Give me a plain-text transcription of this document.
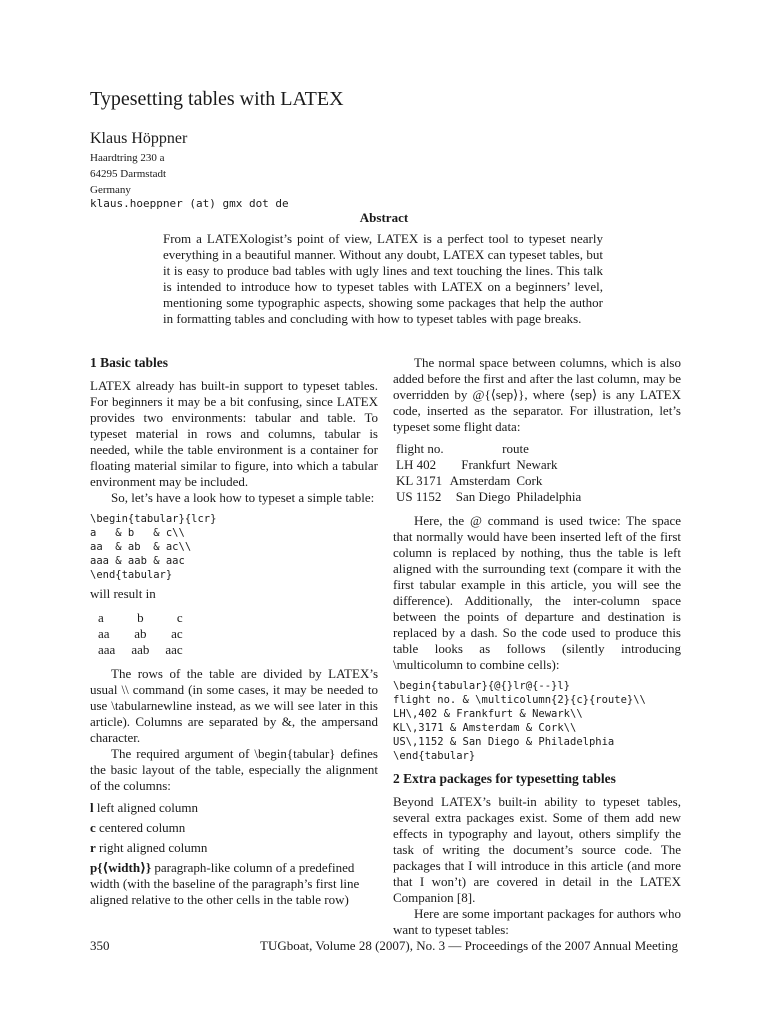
Typesetting tables with LATEX
Klaus Höppner
Haardtring 230 a
64295 Darmstadt
Germany
klaus.hoeppner (at) gmx dot de
Abstract
From a LATEXologist’s point of view, LATEX is a perfect tool to typeset nearly everything in a beautiful manner. Without any doubt, LATEX can typeset tables, but it is easy to produce bad tables with ugly lines and text touching the lines. This talk is intended to introduce how to typeset tables with LATEX on a beginners’ level, mentioning some typographic aspects, showing some packages that help the author in formatting tables and concluding with how to typeset tables with page breaks.
1 Basic tables

LATEX already has built-in support to typeset tables. For beginners it may be a bit confusing, since LATEX provides two environments: tabular and table. To typeset material in rows and columns, tabular is needed, while the table environment is a container for floating material similar to figure, into which a tabular environment may be included.

So, let’s have a look how to typeset a simple table:

\begin{tabular}{lcr}
a   & b   & c\\
aa  & ab  & ac\\
aaa & aab & aac
\end{tabular}

will result in

a	b	c
aa	ab	ac
aaa	aab	aac

The rows of the table are divided by LATEX’s usual \\ command (in some cases, it may be needed to use \tabularnewline instead, as we will see later in this article). Columns are separated by &, the ampersand character.

The required argument of \begin{tabular} defines the basic layout of the table, especially the alignment of the columns:

l left aligned column
c centered column
r right aligned column
p{⟨width⟩} paragraph-like column of a predefined width (with the baseline of the paragraph’s first line aligned relative to the other cells in the table row)

The normal space between columns, which is also added before the first and after the last column, may be overridden by @{⟨sep⟩}, where ⟨sep⟩ is any LATEX code, inserted as the separator. For illustration, let’s typeset some flight data:

flight no.	route	
LH 402	Frankfurt	Newark
KL 3171	Amsterdam	Cork
US 1152	San Diego	Philadelphia

Here, the @ command is used twice: The space that normally would have been inserted left of the first column is replaced by nothing, thus the table is left aligned with the surrounding text (compare it with the first tabular example in this article, you will see the difference). Additionally, the inter-column space between the points of departure and destination is replaced by a dash. So the code used to produce this table looks as follows (silently introducing \multicolumn to combine cells):

\begin{tabular}{@{}lr@{--}l}
flight no. & \multicolumn{2}{c}{route}\\
LH\,402 & Frankfurt & Newark\\
KL\,3171 & Amsterdam & Cork\\
US\,1152 & San Diego & Philadelphia
\end{tabular}
2 Extra packages for typesetting tables

Beyond LATEX’s built-in ability to typeset tables, several extra packages exist. Some of them add new effects in typography and layout, others simplify the task of writing the document’s source code. The packages that I will introduce in this article (and more that I won’t) are covered in detail in the LATEX Companion [8].

Here are some important packages for authors who want to typeset tables:

350	TUGboat, Volume 28 (2007), No. 3 — Proceedings of the 2007 Annual Meeting
